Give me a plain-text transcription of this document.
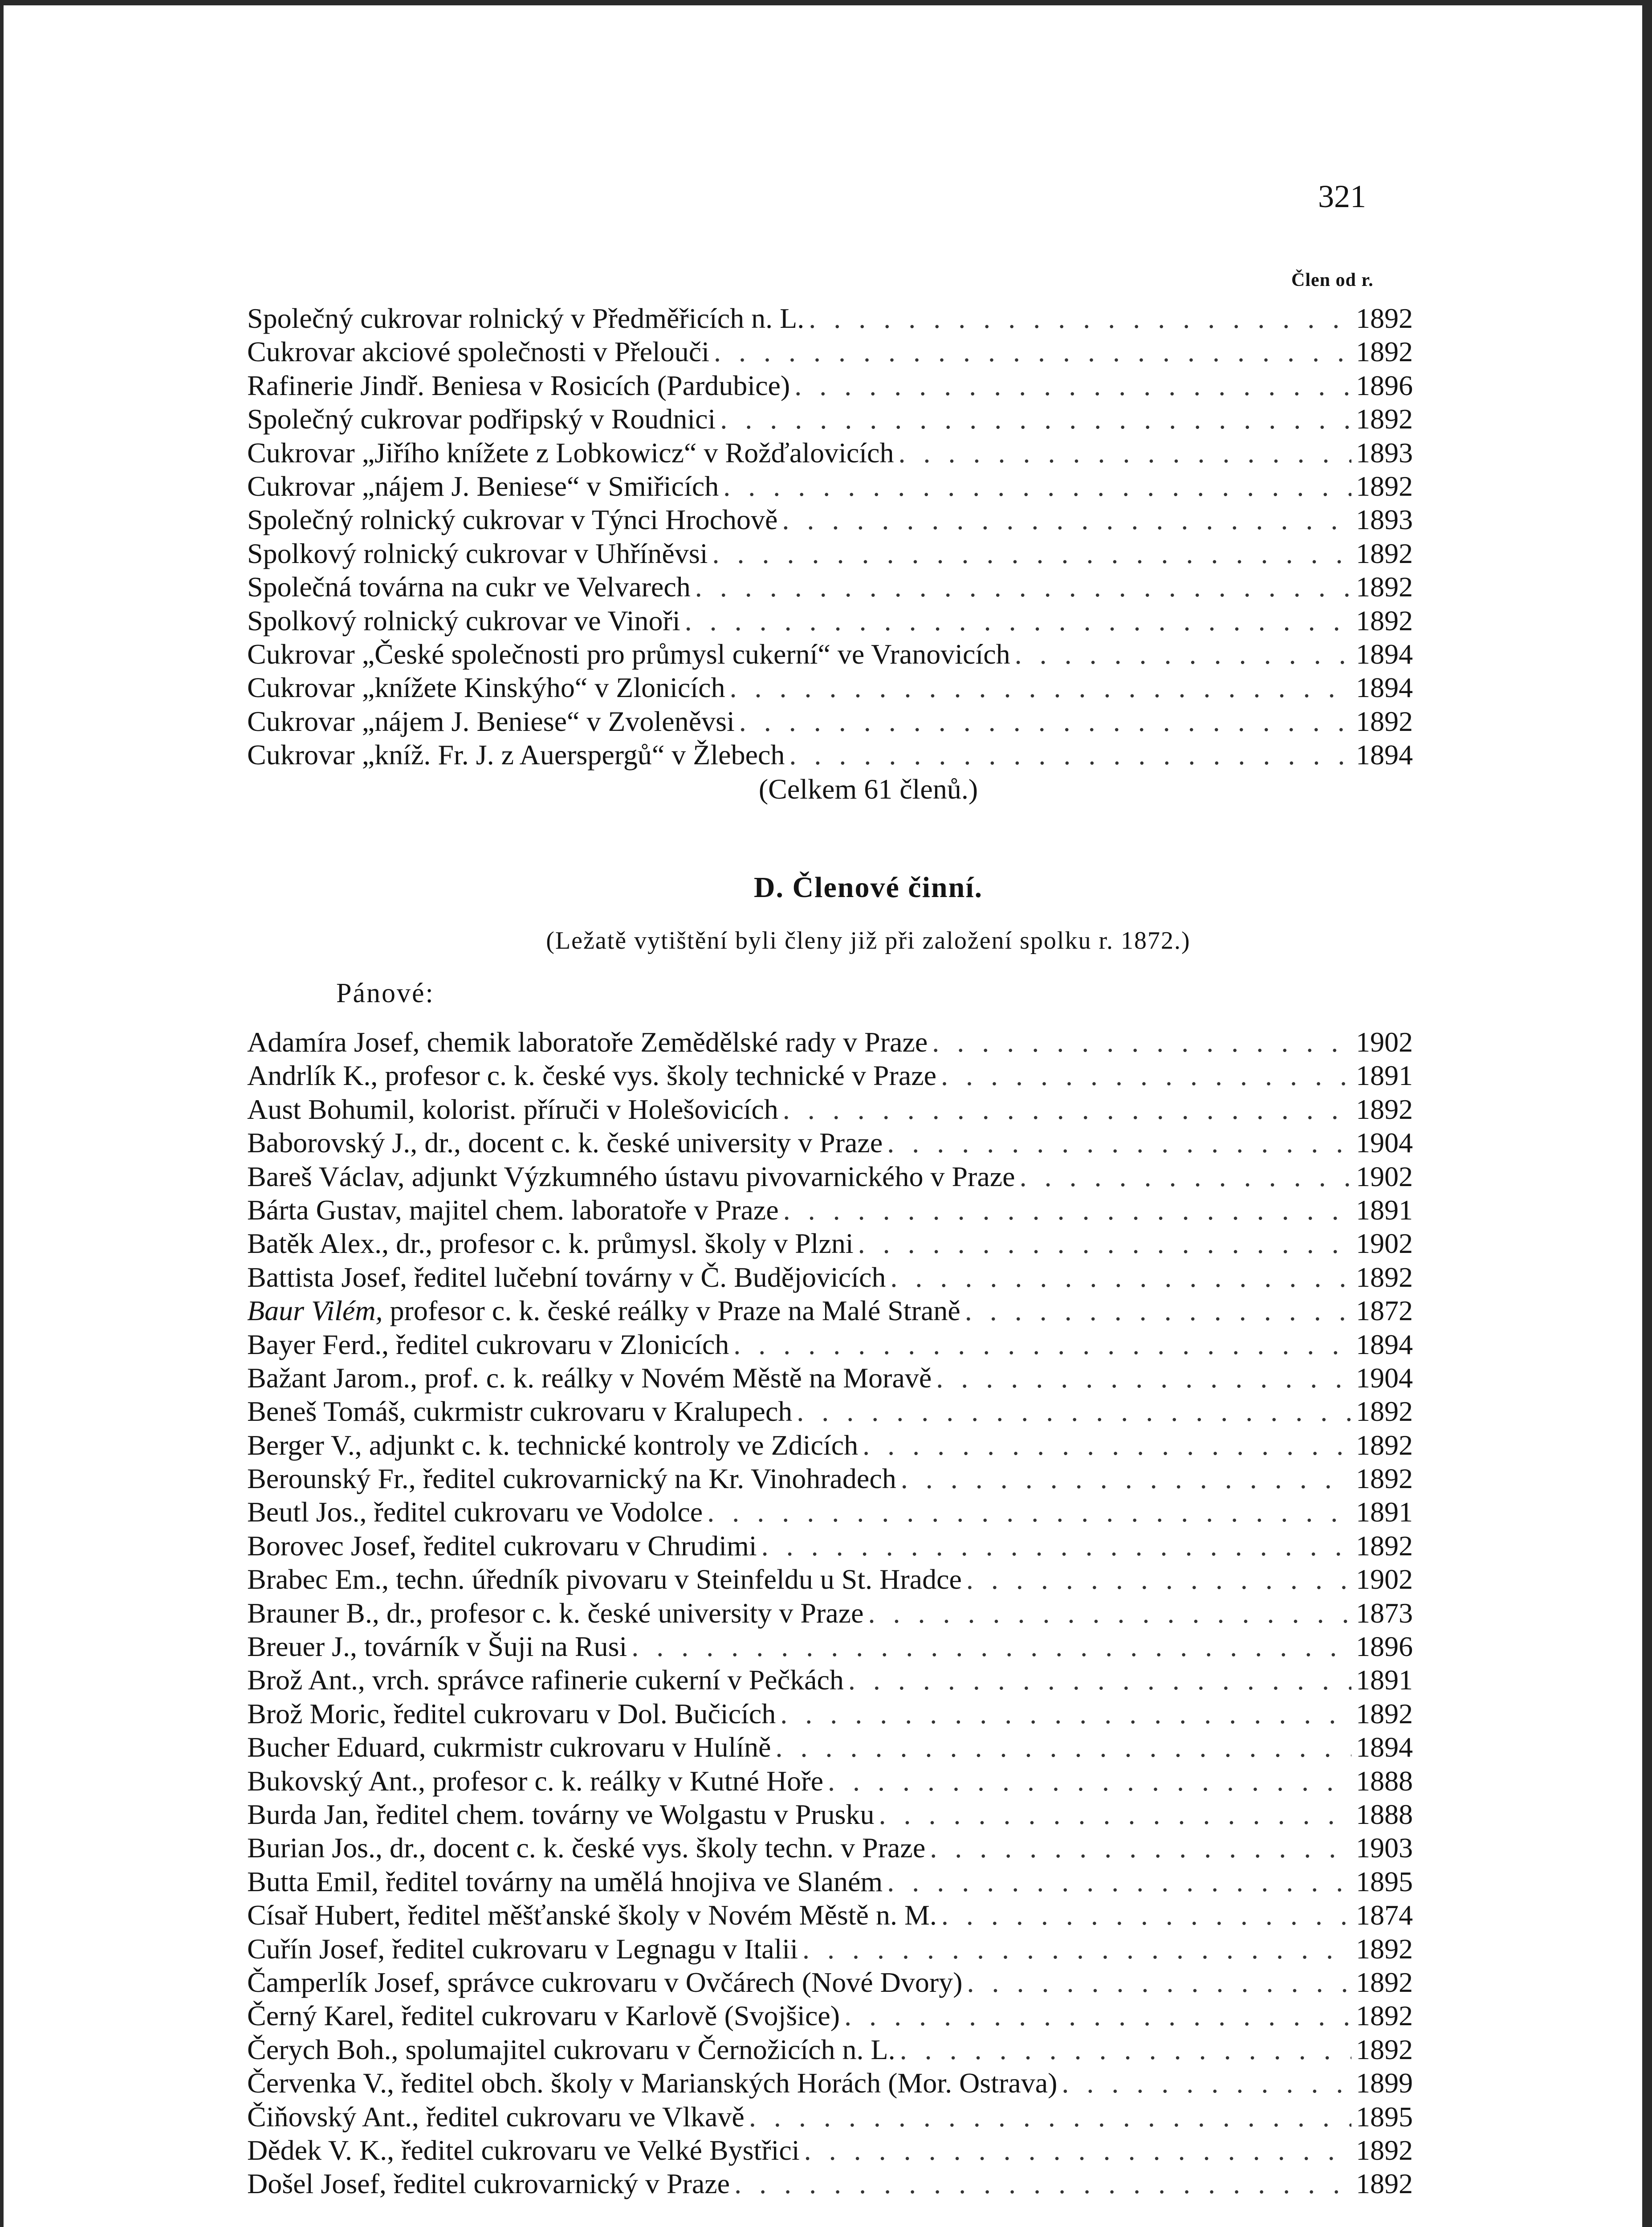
321
Člen od r.
Společný cukrovar rolnický v Předměřicích n. L. . . .	1892
Cukrovar akciové společnosti v Přelouči . . .	1892
Rafinerie Jindř. Beniesa v Rosicích (Pardubice) . . .	1896
Společný cukrovar podřipský v Roudnici . . .	1892
Cukrovar „Jiřího knížete z Lobkowicz“ v Rožďalovicích . . .	1893
Cukrovar „nájem J. Beniese“ v Smiřicích . . .	1892
Společný rolnický cukrovar v Týnci Hrochově . . .	1893
Spolkový rolnický cukrovar v Uhříněvsi . . .	1892
Společná továrna na cukr ve Velvarech . . .	1892
Spolkový rolnický cukrovar ve Vinoři . . .	1892
Cukrovar „České společnosti pro průmysl cukerní“ ve Vranovicích . . .	1894
Cukrovar „knížete Kinskýho“ v Zlonicích . . .	1894
Cukrovar „nájem J. Beniese“ v Zvoleněvsi . . .	1892
Cukrovar „kníž. Fr. J. z Auerspergů“ v Žlebech . . .	1894
(Celkem 61 členů.)
D. Členové činní.
(Ležatě vytištění byli členy již při založení spolku r. 1872.)
Pánové:
Adamíra Josef, chemik laboratoře Zemědělské rady v Praze . . .	1902
Andrlík K., profesor c. k. české vys. školy technické v Praze . . .	1891
Aust Bohumil, kolorist. příruči v Holešovicích . . .	1892
Baborovský J., dr., docent c. k. české university v Praze . . .	1904
Bareš Václav, adjunkt Výzkumného ústavu pivovarnického v Praze . . .	1902
Bárta Gustav, majitel chem. laboratoře v Praze . . .	1891
Batěk Alex., dr., profesor c. k. průmysl. školy v Plzni . . .	1902
Battista Josef, ředitel lučební továrny v Č. Budějovicích . . .	1892
Baur Vilém, profesor c. k. české reálky v Praze na Malé Straně . . .	1872
Bayer Ferd., ředitel cukrovaru v Zlonicích . . .	1894
Bažant Jarom., prof. c. k. reálky v Novém Městě na Moravě . . .	1904
Beneš Tomáš, cukrmistr cukrovaru v Kralupech . . .	1892
Berger V., adjunkt c. k. technické kontroly ve Zdicích . . .	1892
Berounský Fr., ředitel cukrovarnický na Kr. Vinohradech . . .	1892
Beutl Jos., ředitel cukrovaru ve Vodolce . . .	1891
Borovec Josef, ředitel cukrovaru v Chrudimi . . .	1892
Brabec Em., techn. úředník pivovaru v Steinfeldu u St. Hradce . . .	1902
Brauner B., dr., profesor c. k. české university v Praze . . .	1873
Breuer J., továrník v Šuji na Rusi . . .	1896
Brož Ant., vrch. správce rafinerie cukerní v Pečkách . . .	1891
Brož Moric, ředitel cukrovaru v Dol. Bučicích . . .	1892
Bucher Eduard, cukrmistr cukrovaru v Hulíně . . .	1894
Bukovský Ant., profesor c. k. reálky v Kutné Hoře . . .	1888
Burda Jan, ředitel chem. továrny ve Wolgastu v Prusku . . .	1888
Burian Jos., dr., docent c. k. české vys. školy techn. v Praze . . .	1903
Butta Emil, ředitel továrny na umělá hnojiva ve Slaném . . .	1895
Císař Hubert, ředitel měšťanské školy v Novém Městě n. M. . . .	1874
Cuřín Josef, ředitel cukrovaru v Legnagu v Italii . . .	1892
Čamperlík Josef, správce cukrovaru v Ovčárech (Nové Dvory) . . .	1892
Černý Karel, ředitel cukrovaru v Karlově (Svojšice) . . .	1892
Čerych Boh., spolumajitel cukrovaru v Černožicích n. L. . . .	1892
Červenka V., ředitel obch. školy v Marianských Horách (Mor. Ostrava) . . .	1899
Čiňovský Ant., ředitel cukrovaru ve Vlkavě . . .	1895
Dědek V. K., ředitel cukrovaru ve Velké Bystřici . . .	1892
Došel Josef, ředitel cukrovarnický v Praze . . .	1892
